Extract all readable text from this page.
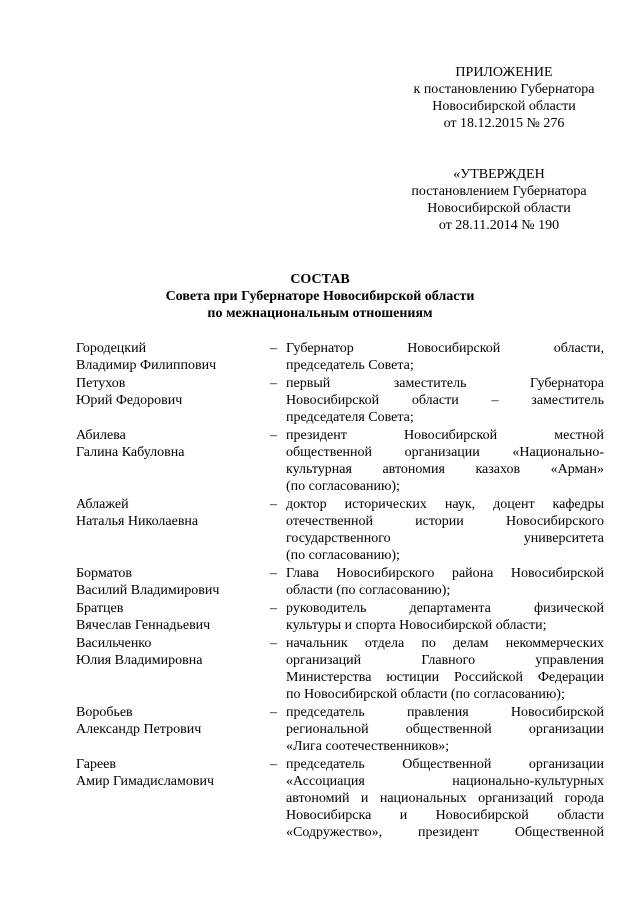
ПРИЛОЖЕНИЕ
к постановлению Губернатора
Новосибирской области
от 18.12.2015 № 276
«УТВЕРЖДЕН
постановлением Губернатора
Новосибирской области
от 28.11.2014 № 190
СОСТАВ
Совета при Губернаторе Новосибирской области
по межнациональным отношениям
Городецкий
Владимир Филиппович
– Губернатор Новосибирской области,
председатель Совета;
Петухов
Юрий Федорович
– первый заместитель Губернатора
Новосибирской области – заместитель
председателя Совета;
Абилева
Галина Кабуловна
– президент Новосибирской местной
общественной организации «Национально-
культурная автономия казахов «Арман»
(по согласованию);
Аблажей
Наталья Николаевна
– доктор исторических наук, доцент кафедры
отечественной истории Новосибирского
государственного университета
(по согласованию);
Борматов
Василий Владимирович
– Глава Новосибирского района Новосибирской
области (по согласованию);
Братцев
Вячеслав Геннадьевич
– руководитель департамента физической
культуры и спорта Новосибирской области;
Васильченко
Юлия Владимировна
– начальник отдела по делам некоммерческих
организаций Главного управления
Министерства юстиции Российской Федерации
по Новосибирской области (по согласованию);
Воробьев
Александр Петрович
– председатель правления Новосибирской
региональной общественной организации
«Лига соотечественников»;
Гареев
Амир Гимадисламович
– председатель Общественной организации
«Ассоциация национально-культурных
автономий и национальных организаций города
Новосибирска и Новосибирской области
«Содружество», президент Общественной
